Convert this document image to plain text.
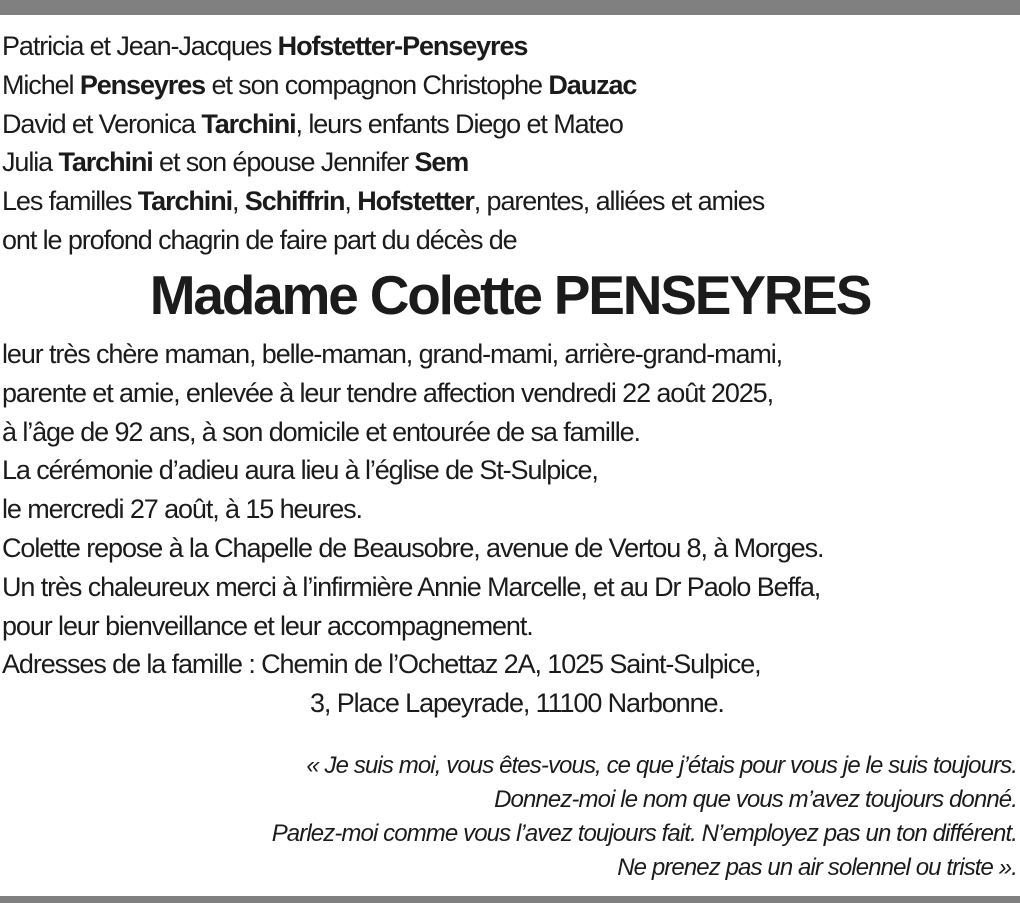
Patricia et Jean-Jacques Hofstetter-Penseyres
Michel Penseyres et son compagnon Christophe Dauzac
David et Veronica Tarchini, leurs enfants Diego et Mateo
Julia Tarchini et son épouse Jennifer Sem
Les familles Tarchini, Schiffrin, Hofstetter, parentes, alliées et amies
ont le profond chagrin de faire part du décès de
Madame Colette PENSEYRES
leur très chère maman, belle-maman, grand-mami, arrière-grand-mami,
parente et amie, enlevée à leur tendre affection vendredi 22 août 2025,
à l’âge de 92 ans, à son domicile et entourée de sa famille.
La cérémonie d’adieu aura lieu à l’église de St-Sulpice,
le mercredi 27 août, à 15 heures.
Colette repose à la Chapelle de Beausobre, avenue de Vertou 8, à Morges.
Un très chaleureux merci à l’infirmière Annie Marcelle, et au Dr Paolo Beffa,
pour leur bienveillance et leur accompagnement.
Adresses de la famille : Chemin de l’Ochettaz 2A, 1025 Saint-Sulpice,
3, Place Lapeyrade, 11100 Narbonne.
« Je suis moi, vous êtes-vous, ce que j’étais pour vous je le suis toujours.
Donnez-moi le nom que vous m’avez toujours donné.
Parlez-moi comme vous l’avez toujours fait. N’employez pas un ton différent.
Ne prenez pas un air solennel ou triste ».
